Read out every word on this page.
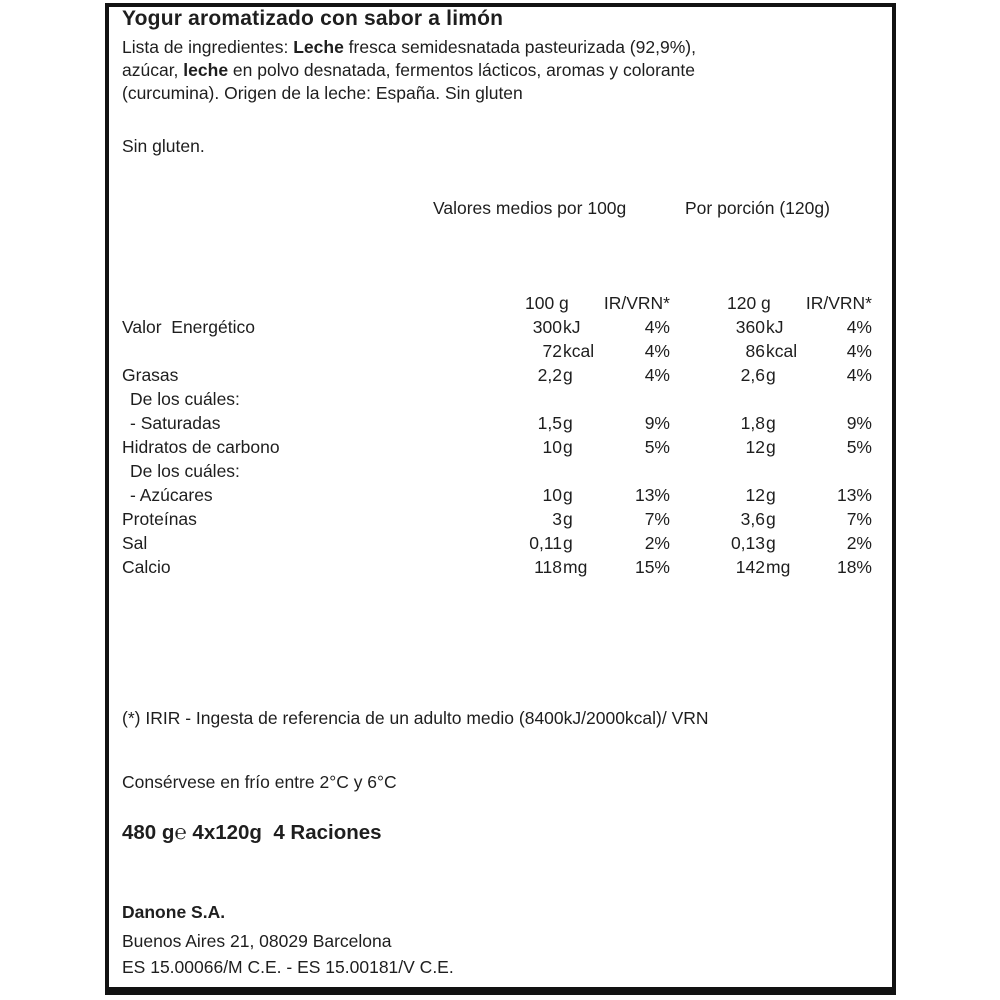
Yogur aromatizado con sabor a limón
Lista de ingredientes: Leche fresca semidesnatada pasteurizada (92,9%),
azúcar, leche en polvo desnatada, fermentos lácticos, aromas y colorante
(curcumina). Origen de la leche: España. Sin gluten
Sin gluten.
Valores medios por 100g	Por porción (120g)
100 g	IR/VRN*	120 g	IR/VRN*
Valor  Energético	300 kJ	4%	360 kJ	4%
72 kcal	4%	86 kcal	4%
Grasas	2,2 g	4%	2,6 g	4%
De los cuáles:
- Saturadas	1,5 g	9%	1,8 g	9%
Hidratos de carbono	10 g	5%	12 g	5%
De los cuáles:
- Azúcares	10 g	13%	12 g	13%
Proteínas	3 g	7%	3,6 g	7%
Sal	0,11 g	2%	0,13 g	2%
Calcio	118 mg	15%	142 mg	18%
(*) IRIR - Ingesta de referencia de un adulto medio (8400kJ/2000kcal)/ VRN
Consérvese en frío entre 2°C y 6°C
480 g℮ 4x120g  4 Raciones
Danone S.A.
Buenos Aires 21, 08029 Barcelona
ES 15.00066/M C.E. - ES 15.00181/V C.E.
